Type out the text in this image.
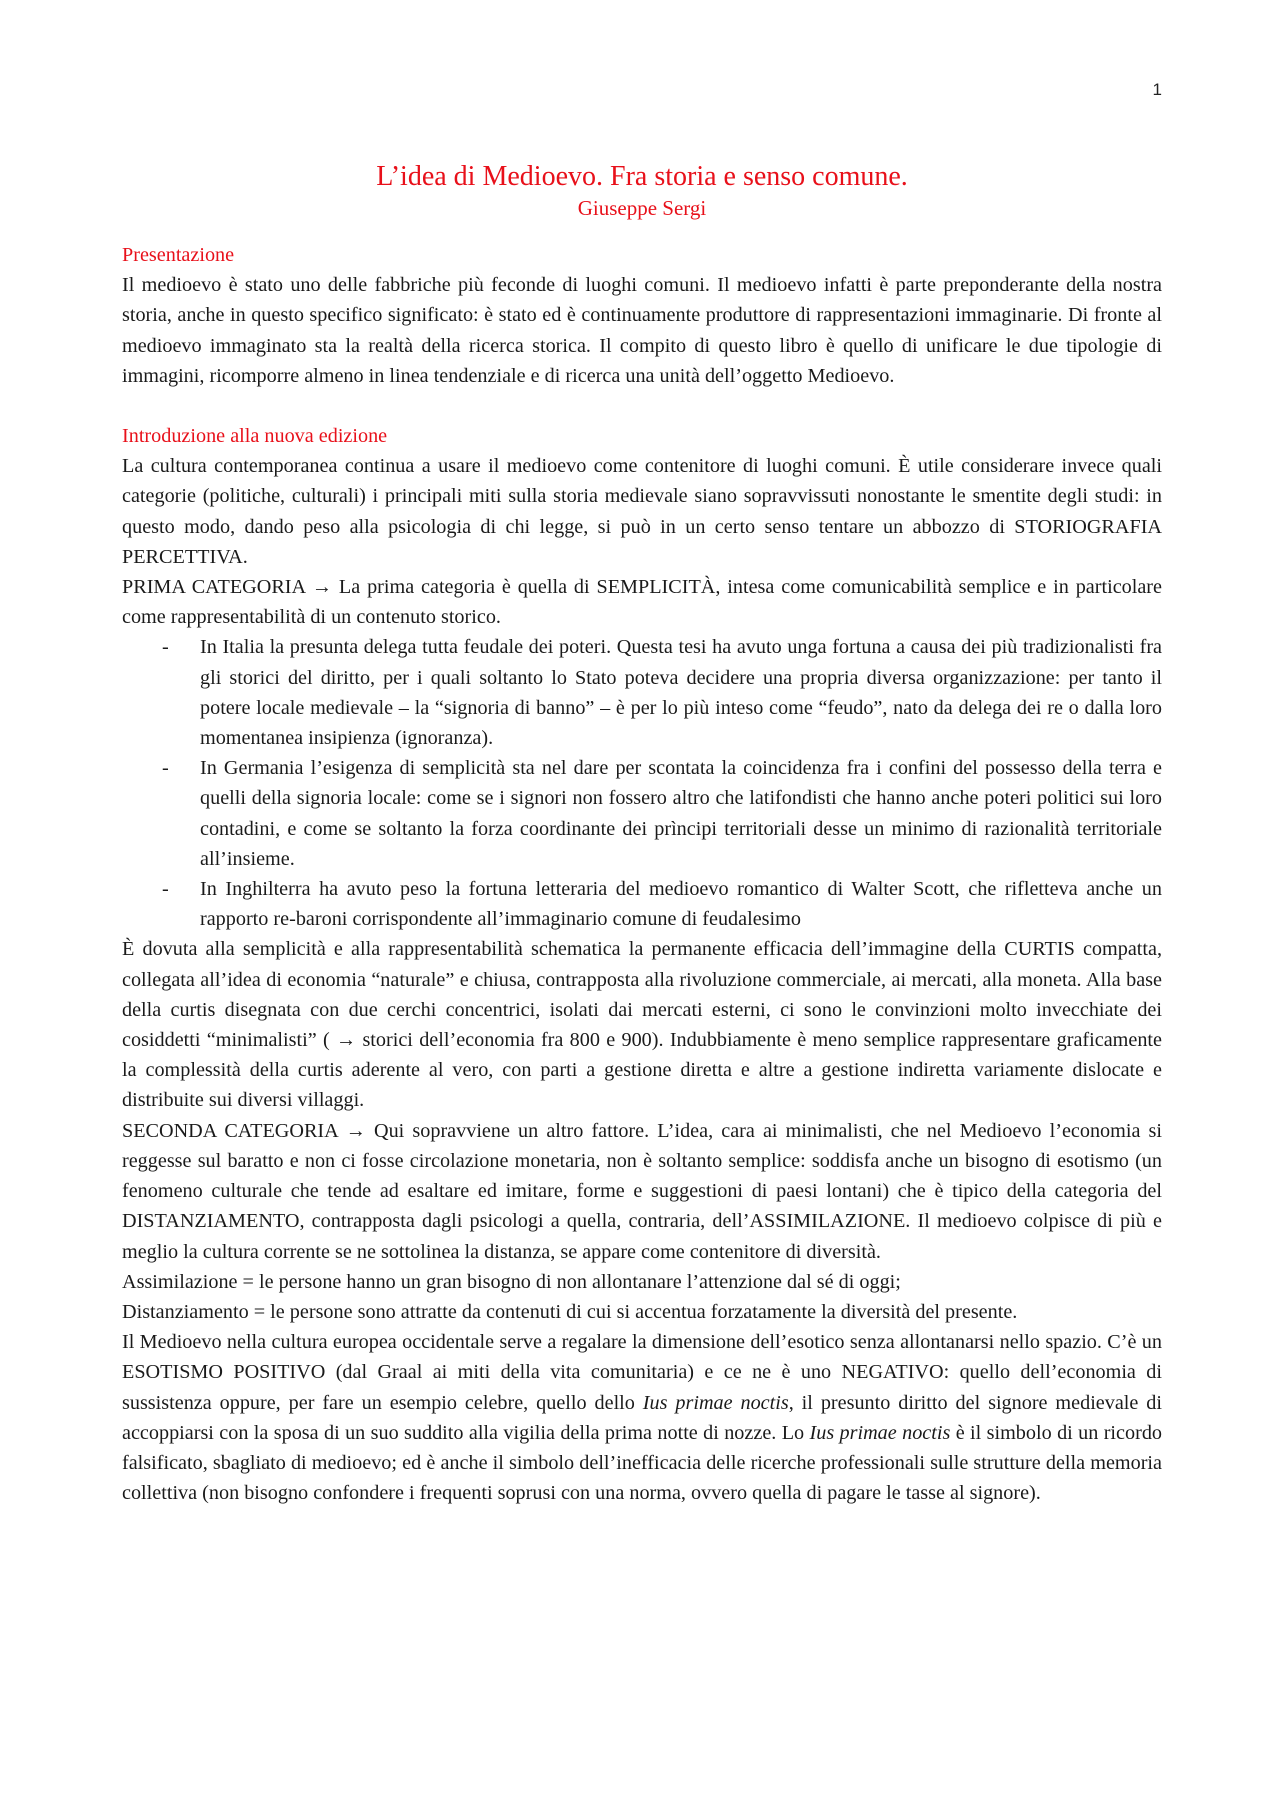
1
L’idea di Medioevo. Fra storia e senso comune.
Giuseppe Sergi
Presentazione

Il medioevo è stato uno delle fabbriche più feconde di luoghi comuni. Il medioevo infatti è parte preponderante della nostra storia, anche in questo specifico significato: è stato ed è continuamente produttore di rappresentazioni immaginarie. Di fronte al medioevo immaginato sta la realtà della ricerca storica. Il compito di questo libro è quello di unificare le due tipologie di immagini, ricomporre almeno in linea tendenziale e di ricerca una unità dell’oggetto Medioevo.

Introduzione alla nuova edizione

La cultura contemporanea continua a usare il medioevo come contenitore di luoghi comuni. È utile considerare invece quali categorie (politiche, culturali) i principali miti sulla storia medievale siano sopravvissuti nonostante le smentite degli studi: in questo modo, dando peso alla psicologia di chi legge, si può in un certo senso tentare un abbozzo di STORIOGRAFIA PERCETTIVA.

PRIMA CATEGORIA → La prima categoria è quella di SEMPLICITÀ, intesa come comunicabilità semplice e in particolare come rappresentabilità di un contenuto storico.

- In Italia la presunta delega tutta feudale dei poteri. Questa tesi ha avuto unga fortuna a causa dei più tradizionalisti fra gli storici del diritto, per i quali soltanto lo Stato poteva decidere una propria diversa organizzazione: per tanto il potere locale medievale – la “signoria di banno” – è per lo più inteso come “feudo”, nato da delega dei re o dalla loro momentanea insipienza (ignoranza).
- In Germania l’esigenza di semplicità sta nel dare per scontata la coincidenza fra i confini del possesso della terra e quelli della signoria locale: come se i signori non fossero altro che latifondisti che hanno anche poteri politici sui loro contadini, e come se soltanto la forza coordinante dei prìncipi territoriali desse un minimo di razionalità territoriale all’insieme.
- In Inghilterra ha avuto peso la fortuna letteraria del medioevo romantico di Walter Scott, che rifletteva anche un rapporto re-baroni corrispondente all’immaginario comune di feudalesimo

È dovuta alla semplicità e alla rappresentabilità schematica la permanente efficacia dell’immagine della CURTIS compatta, collegata all’idea di economia “naturale” e chiusa, contrapposta alla rivoluzione commerciale, ai mercati, alla moneta. Alla base della curtis disegnata con due cerchi concentrici, isolati dai mercati esterni, ci sono le convinzioni molto invecchiate dei cosiddetti “minimalisti” ( → storici dell’economia fra 800 e 900). Indubbiamente è meno semplice rappresentare graficamente la complessità della curtis aderente al vero, con parti a gestione diretta e altre a gestione indiretta variamente dislocate e distribuite sui diversi villaggi.

SECONDA CATEGORIA → Qui sopravviene un altro fattore. L’idea, cara ai minimalisti, che nel Medioevo l’economia si reggesse sul baratto e non ci fosse circolazione monetaria, non è soltanto semplice: soddisfa anche un bisogno di esotismo (un fenomeno culturale che tende ad esaltare ed imitare, forme e suggestioni di paesi lontani) che è tipico della categoria del DISTANZIAMENTO, contrapposta dagli psicologi a quella, contraria, dell’ASSIMILAZIONE. Il medioevo colpisce di più e meglio la cultura corrente se ne sottolinea la distanza, se appare come contenitore di diversità.

Assimilazione = le persone hanno un gran bisogno di non allontanare l’attenzione dal sé di oggi;

Distanziamento = le persone sono attratte da contenuti di cui si accentua forzatamente la diversità del presente.

Il Medioevo nella cultura europea occidentale serve a regalare la dimensione dell’esotico senza allontanarsi nello spazio. C’è un ESOTISMO POSITIVO (dal Graal ai miti della vita comunitaria) e ce ne è uno NEGATIVO: quello dell’economia di sussistenza oppure, per fare un esempio celebre, quello dello Ius primae noctis, il presunto diritto del signore medievale di accoppiarsi con la sposa di un suo suddito alla vigilia della prima notte di nozze. Lo Ius primae noctis è il simbolo di un ricordo falsificato, sbagliato di medioevo; ed è anche il simbolo dell’inefficacia delle ricerche professionali sulle strutture della memoria collettiva (non bisogno confondere i frequenti soprusi con una norma, ovvero quella di pagare le tasse al signore).
